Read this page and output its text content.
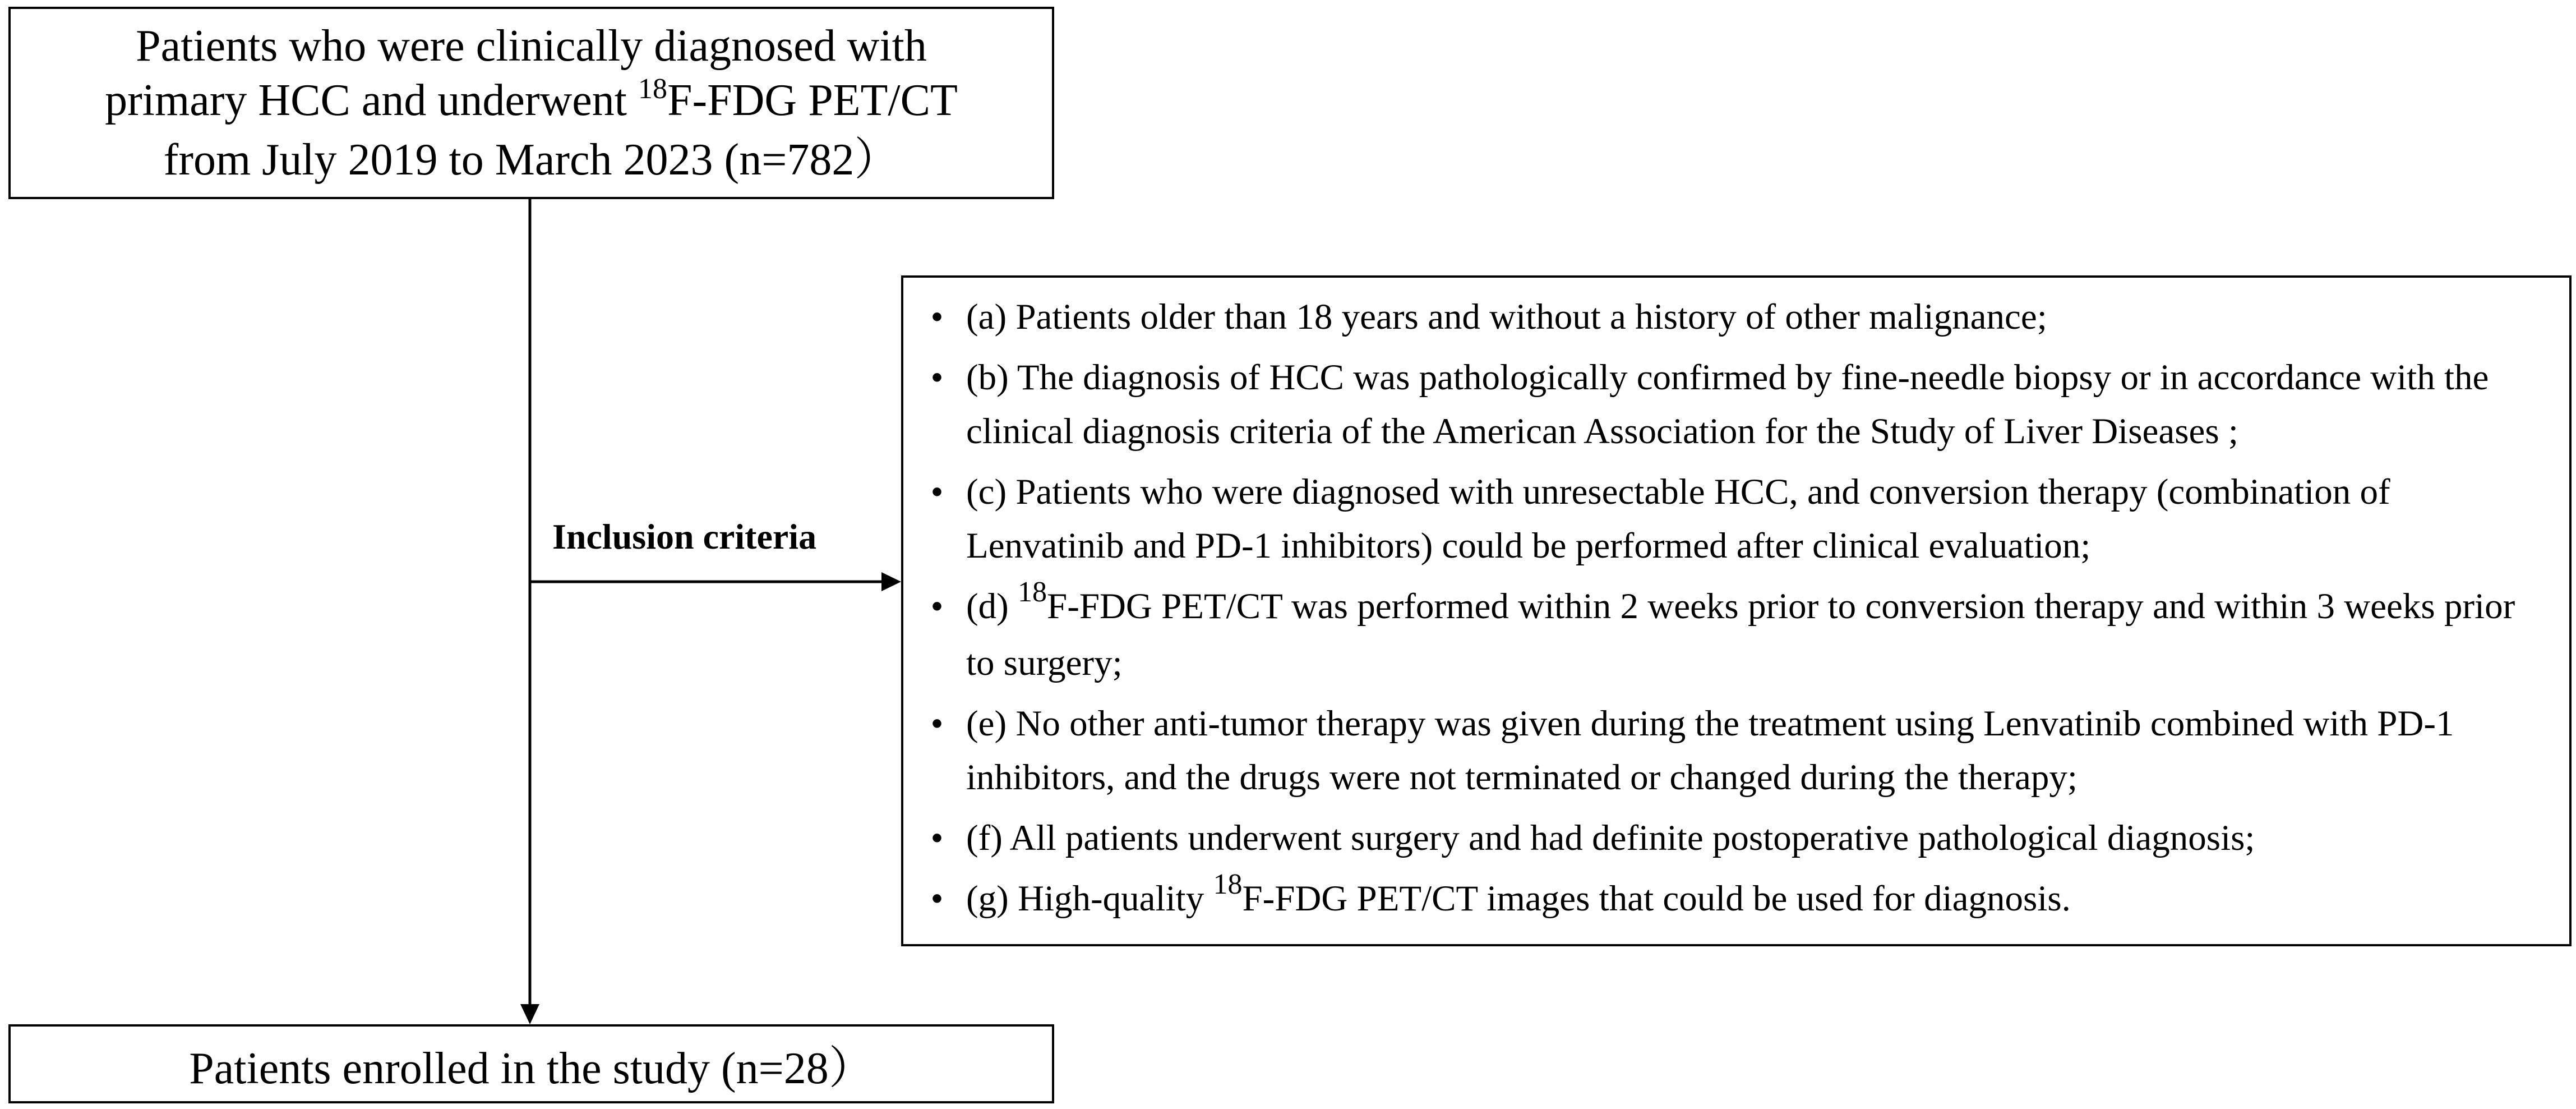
Patients who were clinically diagnosed with
primary HCC and underwent $^{18}$F-FDG PET/CT
from July 2019 to March 2023 (n=782）
Inclusion criteria
• (a) Patients older than 18 years and without a history of other malignance;
• (b) The diagnosis of HCC was pathologically confirmed by fine-needle biopsy or in accordance with the clinical diagnosis criteria of the American Association for the Study of Liver Diseases ;
• (c) Patients who were diagnosed with unresectable HCC, and conversion therapy (combination of Lenvatinib and PD-1 inhibitors) could be performed after clinical evaluation;
• (d) $^{18}$F-FDG PET/CT was performed within 2 weeks prior to conversion therapy and within 3 weeks prior to surgery;
• (e) No other anti-tumor therapy was given during the treatment using Lenvatinib combined with PD-1 inhibitors, and the drugs were not terminated or changed during the therapy;
• (f) All patients underwent surgery and had definite postoperative pathological diagnosis;
• (g) High-quality $^{18}$F-FDG PET/CT images that could be used for diagnosis.
Patients enrolled in the study (n=28）
